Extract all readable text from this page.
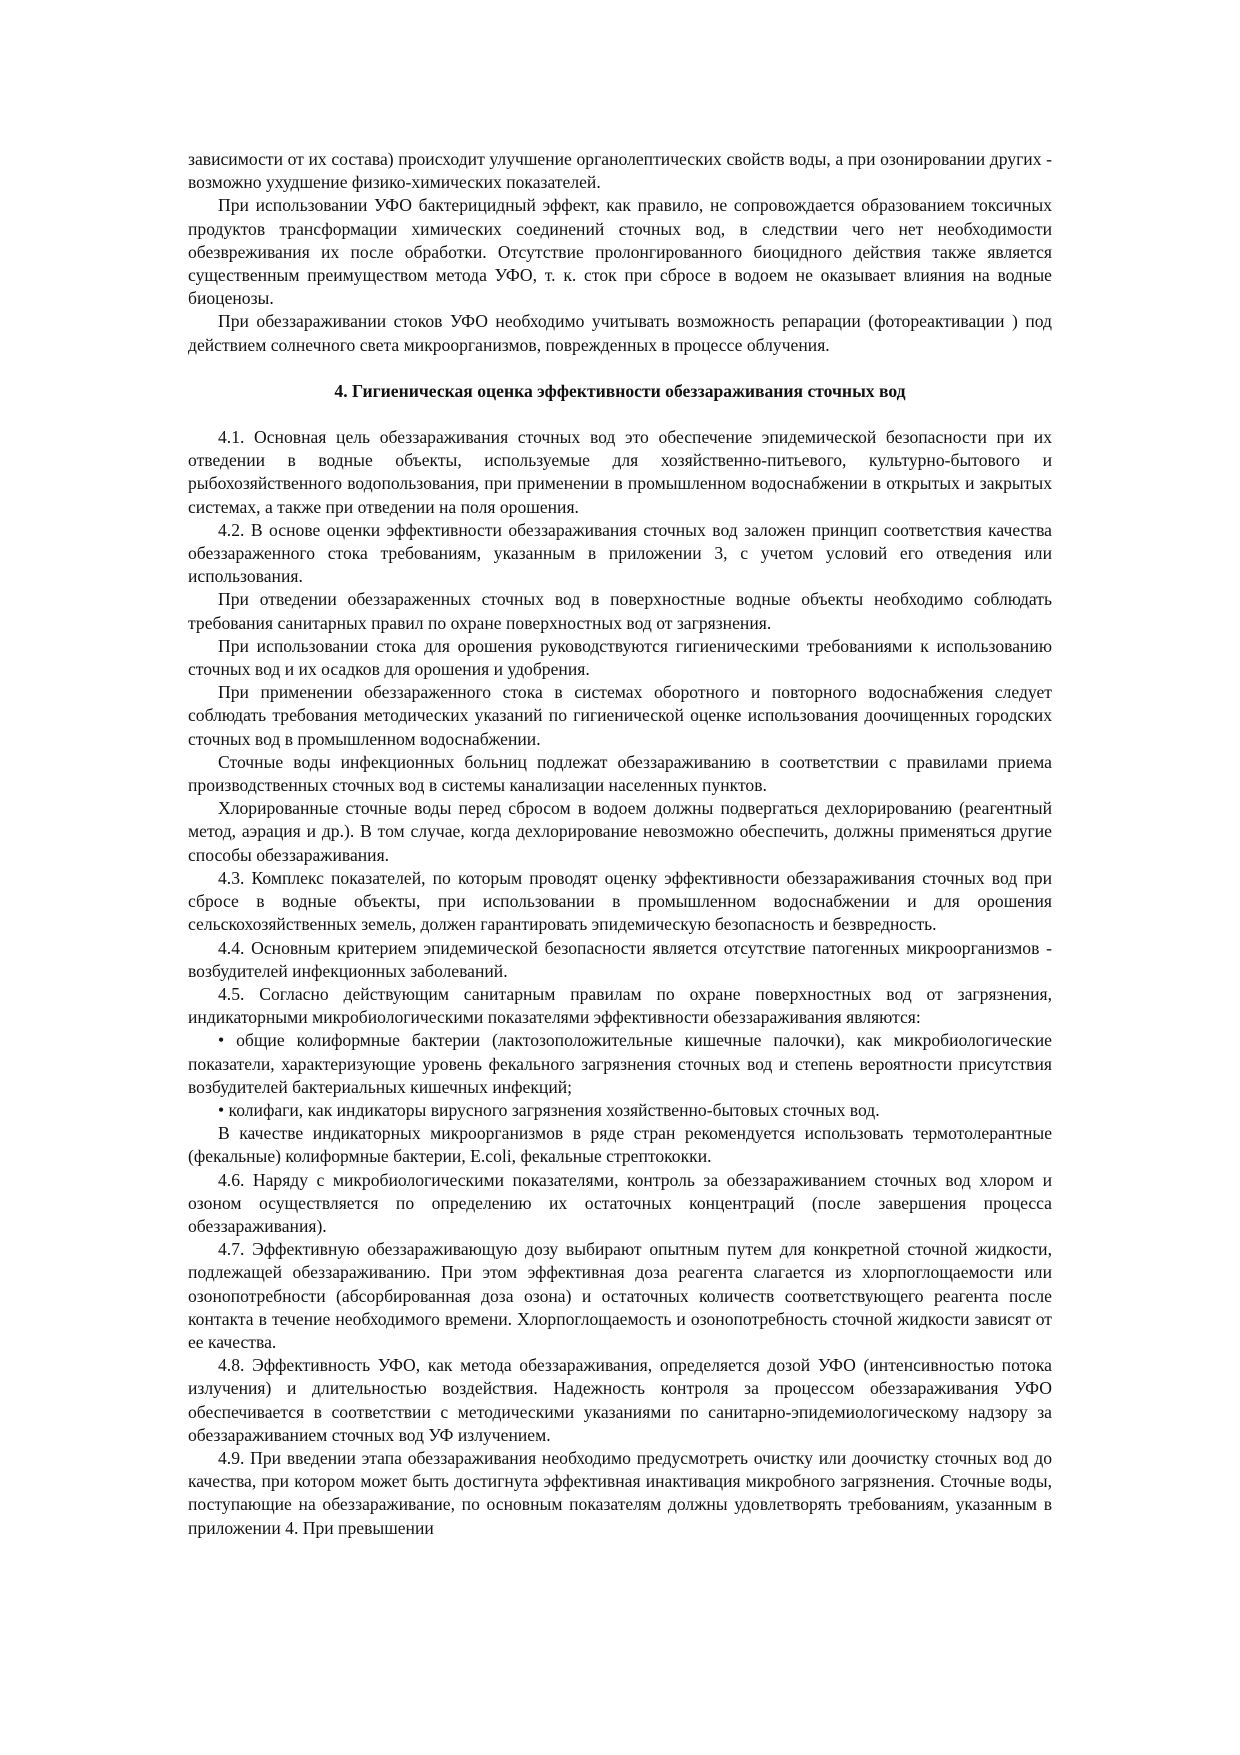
зависимости от их состава) происходит улучшение органолептических свойств воды, а при озонировании других - возможно ухудшение физико-химических показателей.

При использовании УФО бактерицидный эффект, как правило, не сопровождается образованием токсичных продуктов трансформации химических соединений сточных вод, в следствии чего нет необходимости обезвреживания их после обработки. Отсутствие пролонгированного биоцидного действия также является существенным преимуществом метода УФО, т. к. сток при сбросе в водоем не оказывает влияния на водные биоценозы.

При обеззараживании стоков УФО необходимо учитывать возможность репарации (фотореактивации ) под действием солнечного света микроорганизмов, поврежденных в процессе облучения.

4. Гигиеническая оценка эффективности обеззараживания сточных вод

4.1. Основная цель обеззараживания сточных вод это обеспечение эпидемической безопасности при их отведении в водные объекты, используемые для хозяйственно-питьевого, культурно-бытового и рыбохозяйственного водопользования, при применении в промышленном водоснабжении в открытых и закрытых системах, а также при отведении на поля орошения.

4.2. В основе оценки эффективности обеззараживания сточных вод заложен принцип соответствия качества обеззараженного стока требованиям, указанным в приложении 3, с учетом условий его отведения или использования.

При отведении обеззараженных сточных вод в поверхностные водные объекты необходимо соблюдать требования санитарных правил по охране поверхностных вод от загрязнения.

При использовании стока для орошения руководствуются гигиеническими требованиями к использованию сточных вод и их осадков для орошения и удобрения.

При применении обеззараженного стока в системах оборотного и повторного водоснабжения следует соблюдать требования методических указаний по гигиенической оценке использования доочищенных городских сточных вод в промышленном водоснабжении.

Сточные воды инфекционных больниц подлежат обеззараживанию в соответствии с правилами приема производственных сточных вод в системы канализации населенных пунктов.

Хлорированные сточные воды перед сбросом в водоем должны подвергаться дехлорированию (реагентный метод, аэрация и др.). В том случае, когда дехлорирование невозможно обеспечить, должны применяться другие способы обеззараживания.

4.3. Комплекс показателей, по которым проводят оценку эффективности обеззараживания сточных вод при сбросе в водные объекты, при использовании в промышленном водоснабжении и для орошения сельскохозяйственных земель, должен гарантировать эпидемическую безопасность и безвредность.

4.4. Основным критерием эпидемической безопасности является отсутствие патогенных микроорганизмов - возбудителей инфекционных заболеваний.

4.5. Согласно действующим санитарным правилам по охране поверхностных вод от загрязнения, индикаторными микробиологическими показателями эффективности обеззараживания являются:

• общие колиформные бактерии (лактозоположительные кишечные палочки), как микробиологические показатели, характеризующие уровень фекального загрязнения сточных вод и степень вероятности присутствия возбудителей бактериальных кишечных инфекций;

• колифаги, как индикаторы вирусного загрязнения хозяйственно-бытовых сточных вод.

В качестве индикаторных микроорганизмов в ряде стран рекомендуется использовать термотолерантные (фекальные) колиформные бактерии, E.coli, фекальные стрептококки.

4.6. Наряду с микробиологическими показателями, контроль за обеззараживанием сточных вод хлором и озоном осуществляется по определению их остаточных концентраций (после завершения процесса обеззараживания).

4.7. Эффективную обеззараживающую дозу выбирают опытным путем для конкретной сточной жидкости, подлежащей обеззараживанию. При этом эффективная доза реагента слагается из хлорпоглощаемости или озонопотребности (абсорбированная доза озона) и остаточных количеств соответствующего реагента после контакта в течение необходимого времени. Хлорпоглощаемость и озонопотребность сточной жидкости зависят от ее качества.

4.8. Эффективность УФО, как метода обеззараживания, определяется дозой УФО (интенсивностью потока излучения) и длительностью воздействия. Надежность контроля за процессом обеззараживания УФО обеспечивается в соответствии с методическими указаниями по санитарно-эпидемиологическому надзору за обеззараживанием сточных вод УФ излучением.

4.9. При введении этапа обеззараживания необходимо предусмотреть очистку или доочистку сточных вод до качества, при котором может быть достигнута эффективная инактивация микробного загрязнения. Сточные воды, поступающие на обеззараживание, по основным показателям должны удовлетворять требованиям, указанным в приложении 4. При превышении
